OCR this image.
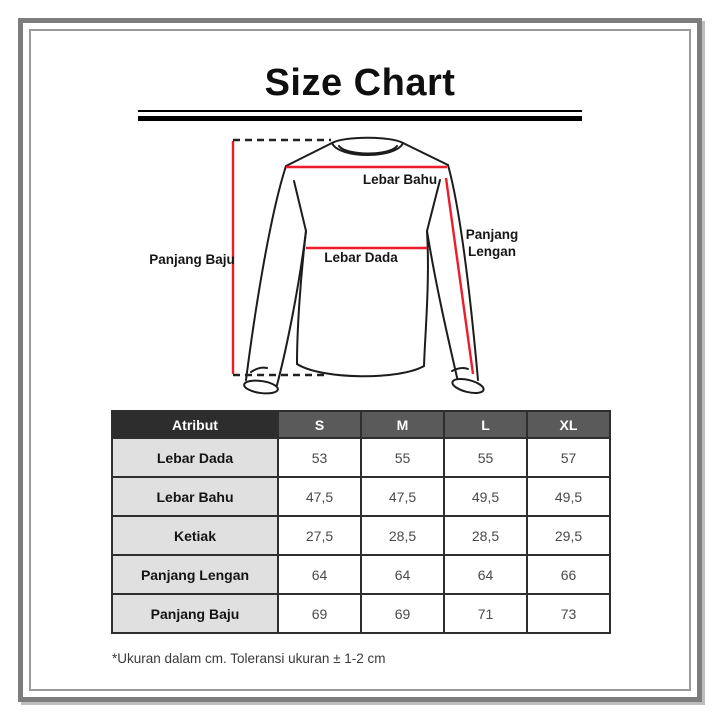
Size Chart
Lebar Bahu
Lebar Dada
Panjang
Lengan
Panjang Baju
Atribut	S	M	L	XL
Lebar Dada	53	55	55	57
Lebar Bahu	47,5	47,5	49,5	49,5
Ketiak	27,5	28,5	28,5	29,5
Panjang Lengan	64	64	64	66
Panjang Baju	69	69	71	73
*Ukuran dalam cm. Toleransi ukuran ± 1-2 cm
